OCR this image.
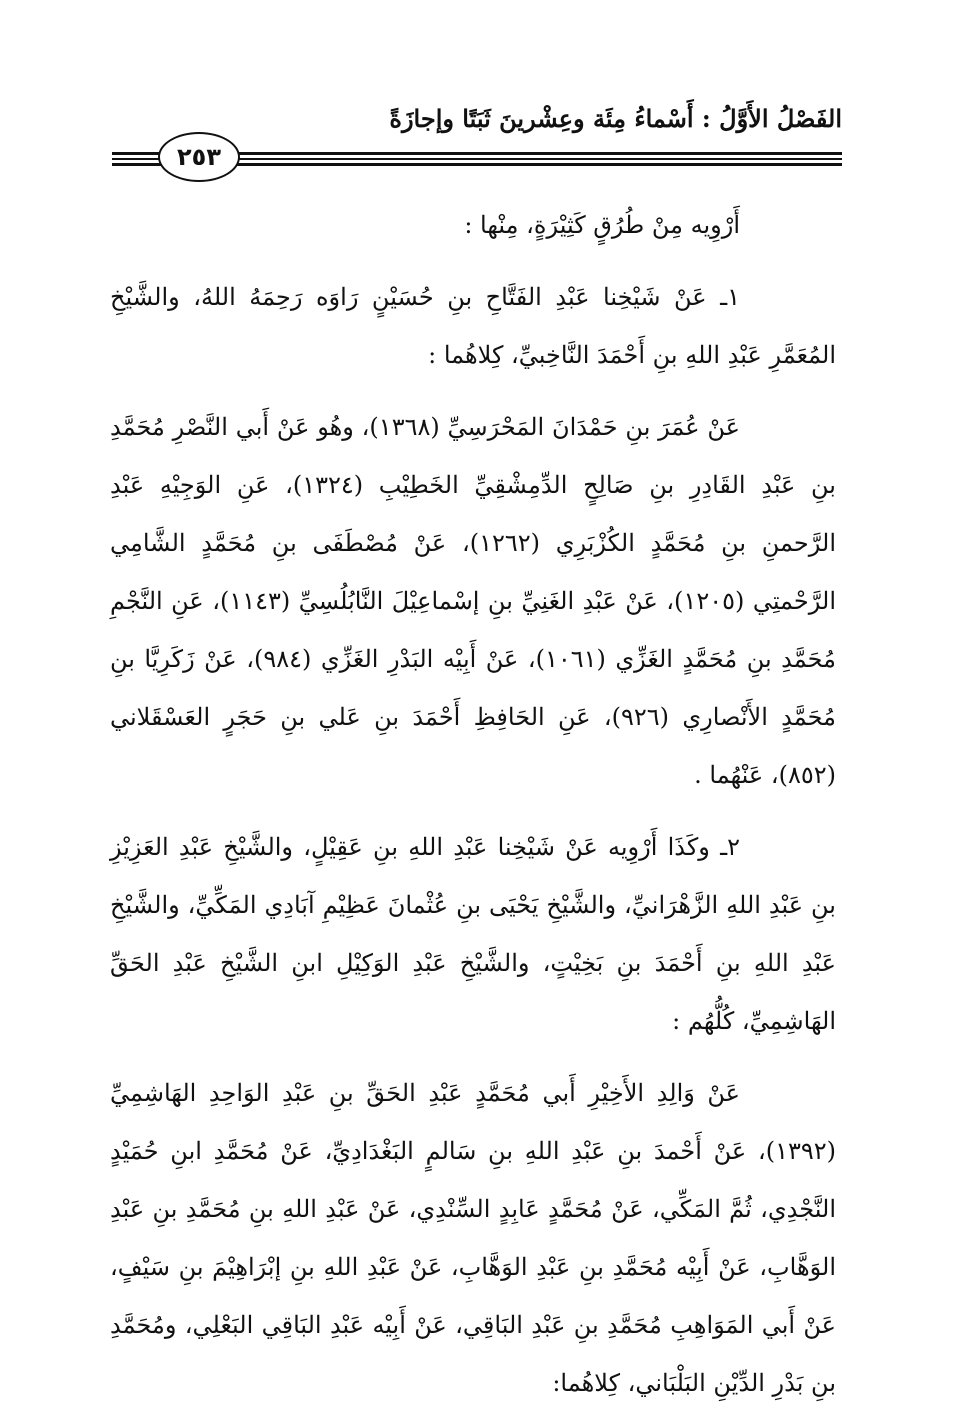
الفَصْلُ الأَوَّلُ : أَسْماءُ مِئَة وعِشْرينَ ثَبَتًا وإجازَةً
٢٥٣

أَرْوِيه مِنْ طُرُقٍ كَثِيْرَةٍ، مِنْها :

١ـ عَنْ شَيْخِنا عَبْدِ الفَتَّاحِ بنِ حُسَيْنٍ رَاوَه رَحِمَهُ اللهُ، والشَّيْخِ المُعَمَّرِ عَبْدِ اللهِ بنِ أَحْمَدَ النَّاخِبيِّ، كِلاهُما :

عَنْ عُمَرَ بنِ حَمْدَانَ المَحْرَسِيِّ (١٣٦٨)، وهُو عَنْ أَبي النَّصْرِ مُحَمَّدِ بنِ عَبْدِ القَادِرِ بنِ صَالِحٍ الدِّمِشْقِيِّ الخَطِيْبِ (١٣٢٤)، عَنِ الوَجِيْهِ عَبْدِ الرَّحمنِ بنِ مُحَمَّدٍ الكُزْبَرِي (١٢٦٢)، عَنْ مُصْطَفَى بنِ مُحَمَّدٍ الشَّامِي الرَّحْمتِي (١٢٠٥)، عَنْ عَبْدِ الغَنِيِّ بنِ إسْماعِيْلَ النَّابُلُسِيِّ (١١٤٣)، عَنِ النَّجْمِ مُحَمَّدِ بنِ مُحَمَّدٍ الغَزِّي (١٠٦١)، عَنْ أَبِيْه البَدْرِ الغَزِّي (٩٨٤)، عَنْ زَكَرِيَّا بنِ مُحَمَّدٍ الأَنْصارِي (٩٢٦)، عَنِ الحَافِظِ أَحْمَدَ بنِ عَلي بنِ حَجَرٍ العَسْقَلاني (٨٥٢)، عَنْهُما .

٢ـ وكَذَا أَرْوِيه عَنْ شَيْخِنا عَبْدِ اللهِ بنِ عَقِيْلٍ، والشَّيْخِ عَبْدِ العَزِيْزِ بنِ عَبْدِ اللهِ الزَّهْرَانيِّ، والشَّيْخِ يَحْيَى بنِ عُثْمانَ عَظِيْمِ آبَادِي المَكِّيِّ، والشَّيْخِ عَبْدِ اللهِ بنِ أَحْمَدَ بنِ بَخِيْتٍ، والشَّيْخِ عَبْدِ الوَكِيْلِ ابنِ الشَّيْخِ عَبْدِ الحَقِّ الهَاشِمِيِّ، كُلُّهُم :

عَنْ وَالِدِ الأَخِيْرِ أَبي مُحَمَّدٍ عَبْدِ الحَقِّ بنِ عَبْدِ الوَاحِدِ الهَاشِمِيِّ (١٣٩٢)، عَنْ أَحْمدَ بنِ عَبْدِ اللهِ بنِ سَالمٍ البَغْدَادِيِّ، عَنْ مُحَمَّدِ ابنِ حُمَيْدٍ النَّجْدِي، ثُمَّ المَكِّي، عَنْ مُحَمَّدٍ عَابِدٍ السِّنْدِي، عَنْ عَبْدِ اللهِ بنِ مُحَمَّدِ بنِ عَبْدِ الوَهَّابِ، عَنْ أَبِيْه مُحَمَّدِ بنِ عَبْدِ الوَهَّابِ، عَنْ عَبْدِ اللهِ بنِ إبْرَاهِيْمَ بنِ سَيْفٍ، عَنْ أَبي المَوَاهِبِ مُحَمَّدِ بنِ عَبْدِ البَاقِي، عَنْ أَبِيْه عَبْدِ البَاقِي البَعْلِي، ومُحَمَّدِ بنِ بَدْرِ الدِّيْنِ البَلْبَاني، كِلاهُما:
